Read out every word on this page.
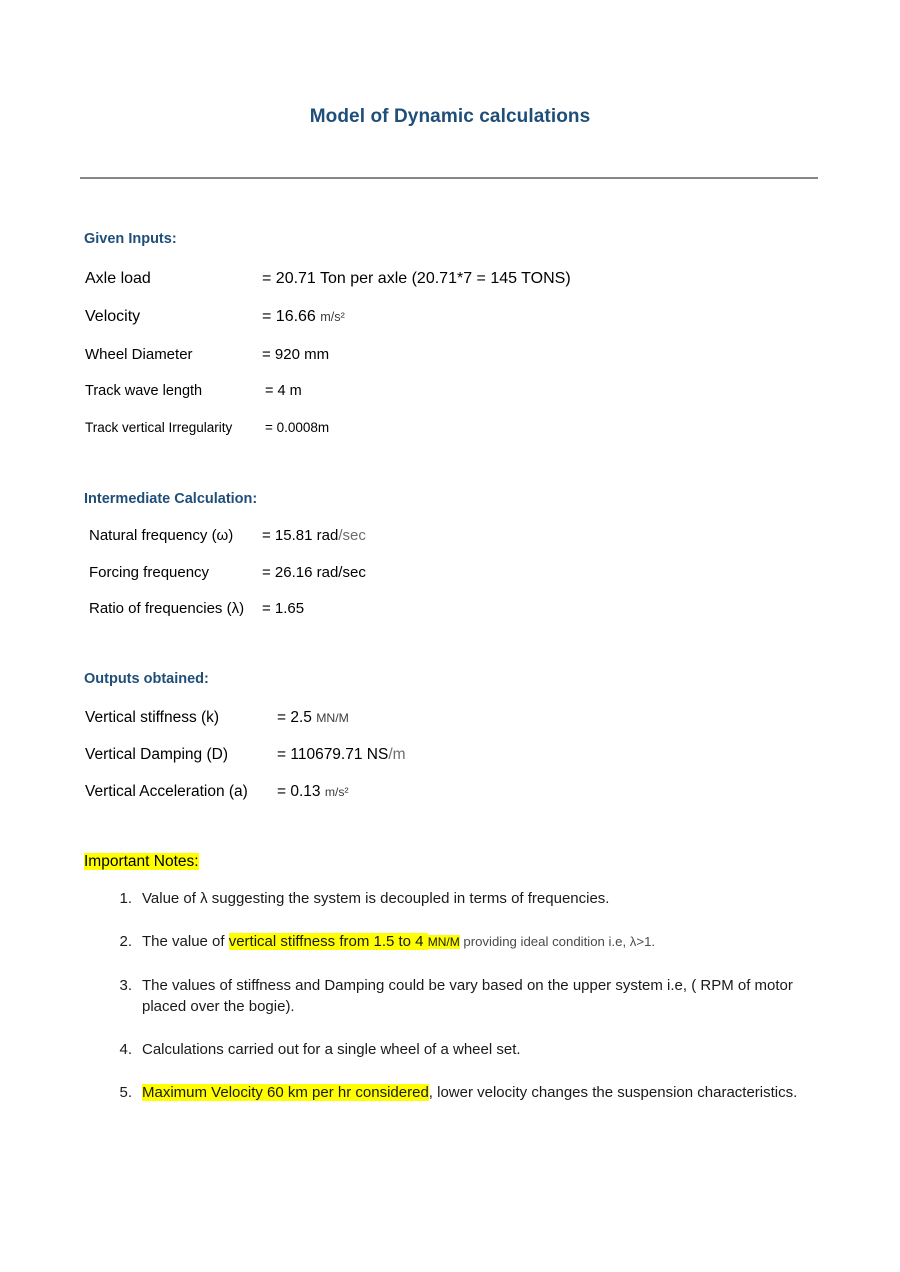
Model of Dynamic calculations
Given Inputs:
Axle load	= 20.71 Ton per axle (20.71*7 = 145 TONS)
Velocity	= 16.66 m/s²
Wheel Diameter	= 920 mm
Track wave length	= 4 m
Track vertical Irregularity = 0.0008m
Intermediate Calculation:
Natural frequency (ω) = 15.81 rad/sec
Forcing frequency	= 26.16 rad/sec
Ratio of frequencies (λ) = 1.65
Outputs obtained:
Vertical stiffness (k)	= 2.5 MN/M
Vertical Damping (D)	= 110679.71 NS/m
Vertical Acceleration (a) = 0.13 m/s²
Important Notes:
1. Value of λ suggesting the system is decoupled in terms of frequencies.
2. The value of vertical stiffness from 1.5 to 4 MN/M providing ideal condition i.e, λ>1.
3. The values of stiffness and Damping could be vary based on the upper system i.e, ( RPM of motor placed over the bogie).
4. Calculations carried out for a single wheel of a wheel set.
5. Maximum Velocity 60 km per hr considered, lower velocity changes the suspension characteristics.
